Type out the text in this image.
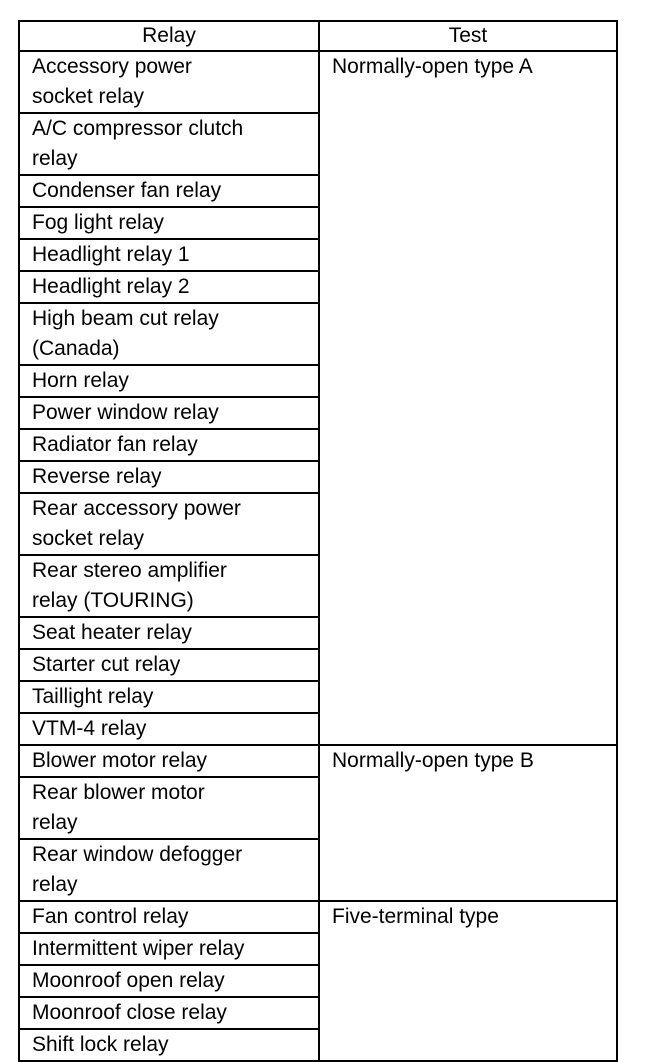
Relay	Test
Accessory power
socket relay	Normally-open type A
A/C compressor clutch
relay	
Condenser fan relay	
Fog light relay	
Headlight relay 1	
Headlight relay 2	
High beam cut relay
(Canada)	
Horn relay	
Power window relay	
Radiator fan relay	
Reverse relay	
Rear accessory power
socket relay	
Rear stereo amplifier
relay (TOURING)	
Seat heater relay	
Starter cut relay	
Taillight relay	
VTM-4 relay	
Blower motor relay	Normally-open type B
Rear blower motor
relay	
Rear window defogger
relay	
Fan control relay	Five-terminal type
Intermittent wiper relay	
Moonroof open relay	
Moonroof close relay	
Shift lock relay	
